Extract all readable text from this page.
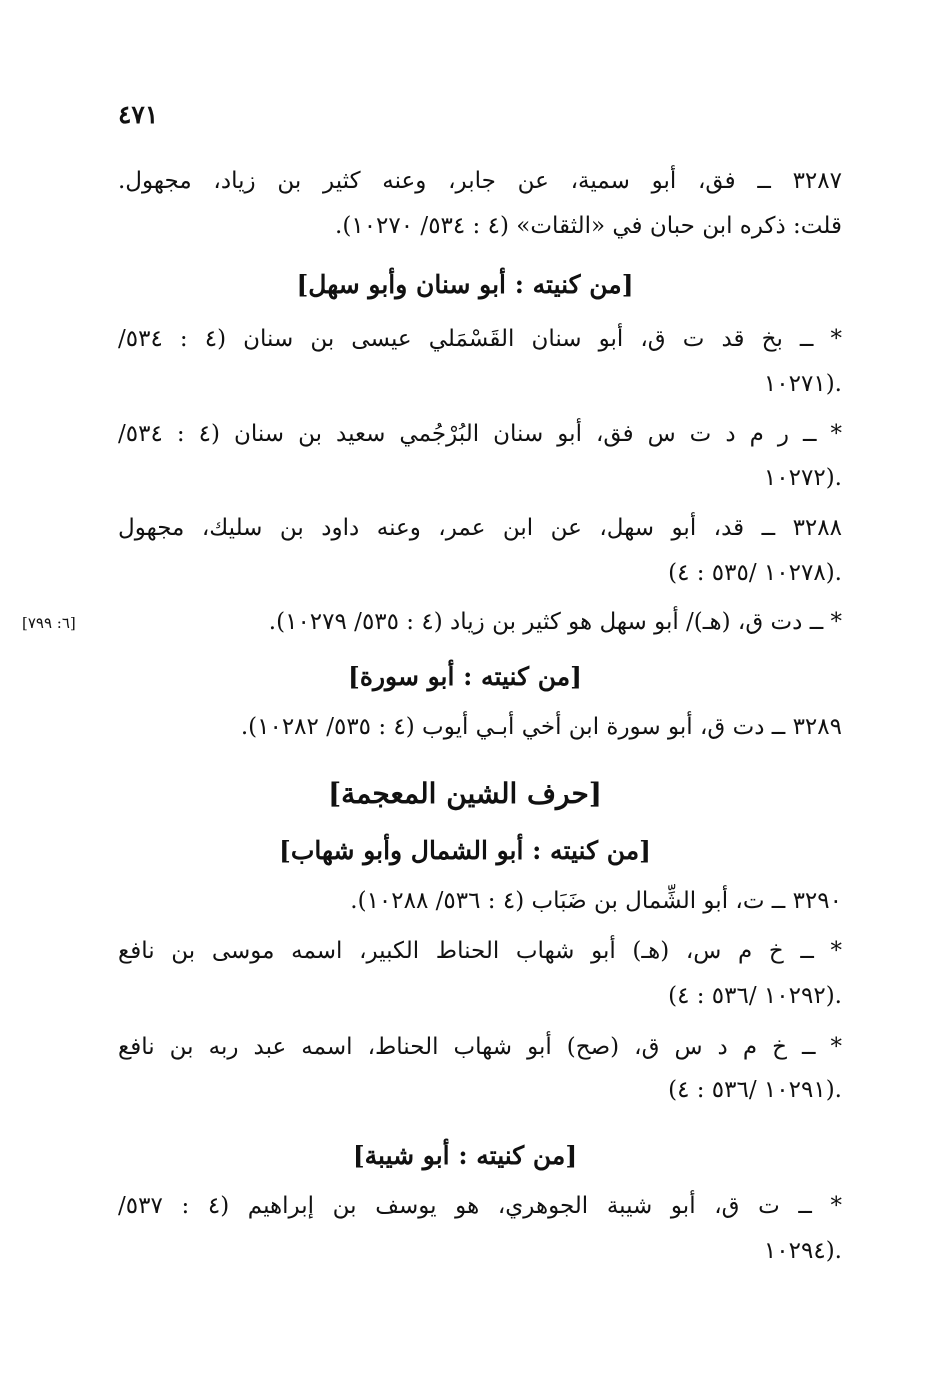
٤٧١
٣٢٨٧ ــ فق، أبو سمية، عن جابر، وعنه كثير بن زياد، مجهول.
قلت: ذكره ابن حبان في «الثقات» (٤ : ٥٣٤/ ١٠٢٧٠).
[من كنيته : أبو سنان وأبو سهل]
* ــ بخ قد ت ق، أبو سنان القَسْمَلي عيسى بن سنان (٤ : ٥٣٤/
.(١٠٢٧١
* ــ ر م د ت س فق، أبو سنان البُرْجُمي سعيد بن سنان (٤ : ٥٣٤/
.(١٠٢٧٢
٣٢٨٨ ــ قد، أبو سهل، عن ابن عمر، وعنه داود بن سليك، مجهول
.(١٠٢٧٨ /٥٣٥ : ٤)
* ــ دت ق، (هـ)/ أبو سهل هو كثير بن زياد (٤ : ٥٣٥/ ١٠٢٧٩).
[٦: ٧٩٩]
[من كنيته : أبو سورة]
٣٢٨٩ ــ دت ق، أبو سورة ابن أخي أبـي أيوب (٤ : ٥٣٥/ ١٠٢٨٢).
[حرف الشين المعجمة]
[من كنيته : أبو الشمال وأبو شهاب]
٣٢٩٠ ــ ت، أبو الشِّمال بن ضَبَاب (٤ : ٥٣٦/ ١٠٢٨٨).
* ــ خ م س، (هـ) أبو شهاب الحناط الكبير، اسمه موسى بن نافع
.(١٠٢٩٢ /٥٣٦ : ٤)
* ــ خ م د س ق، (صح) أبو شهاب الحناط، اسمه عبد ربه بن نافع
.(١٠٢٩١ /٥٣٦ : ٤)
[من كنيته : أبو شيبة]
* ــ ت ق، أبو شيبة الجوهري، هو يوسف بن إبراهيم (٤ : ٥٣٧/
.(١٠٢٩٤
